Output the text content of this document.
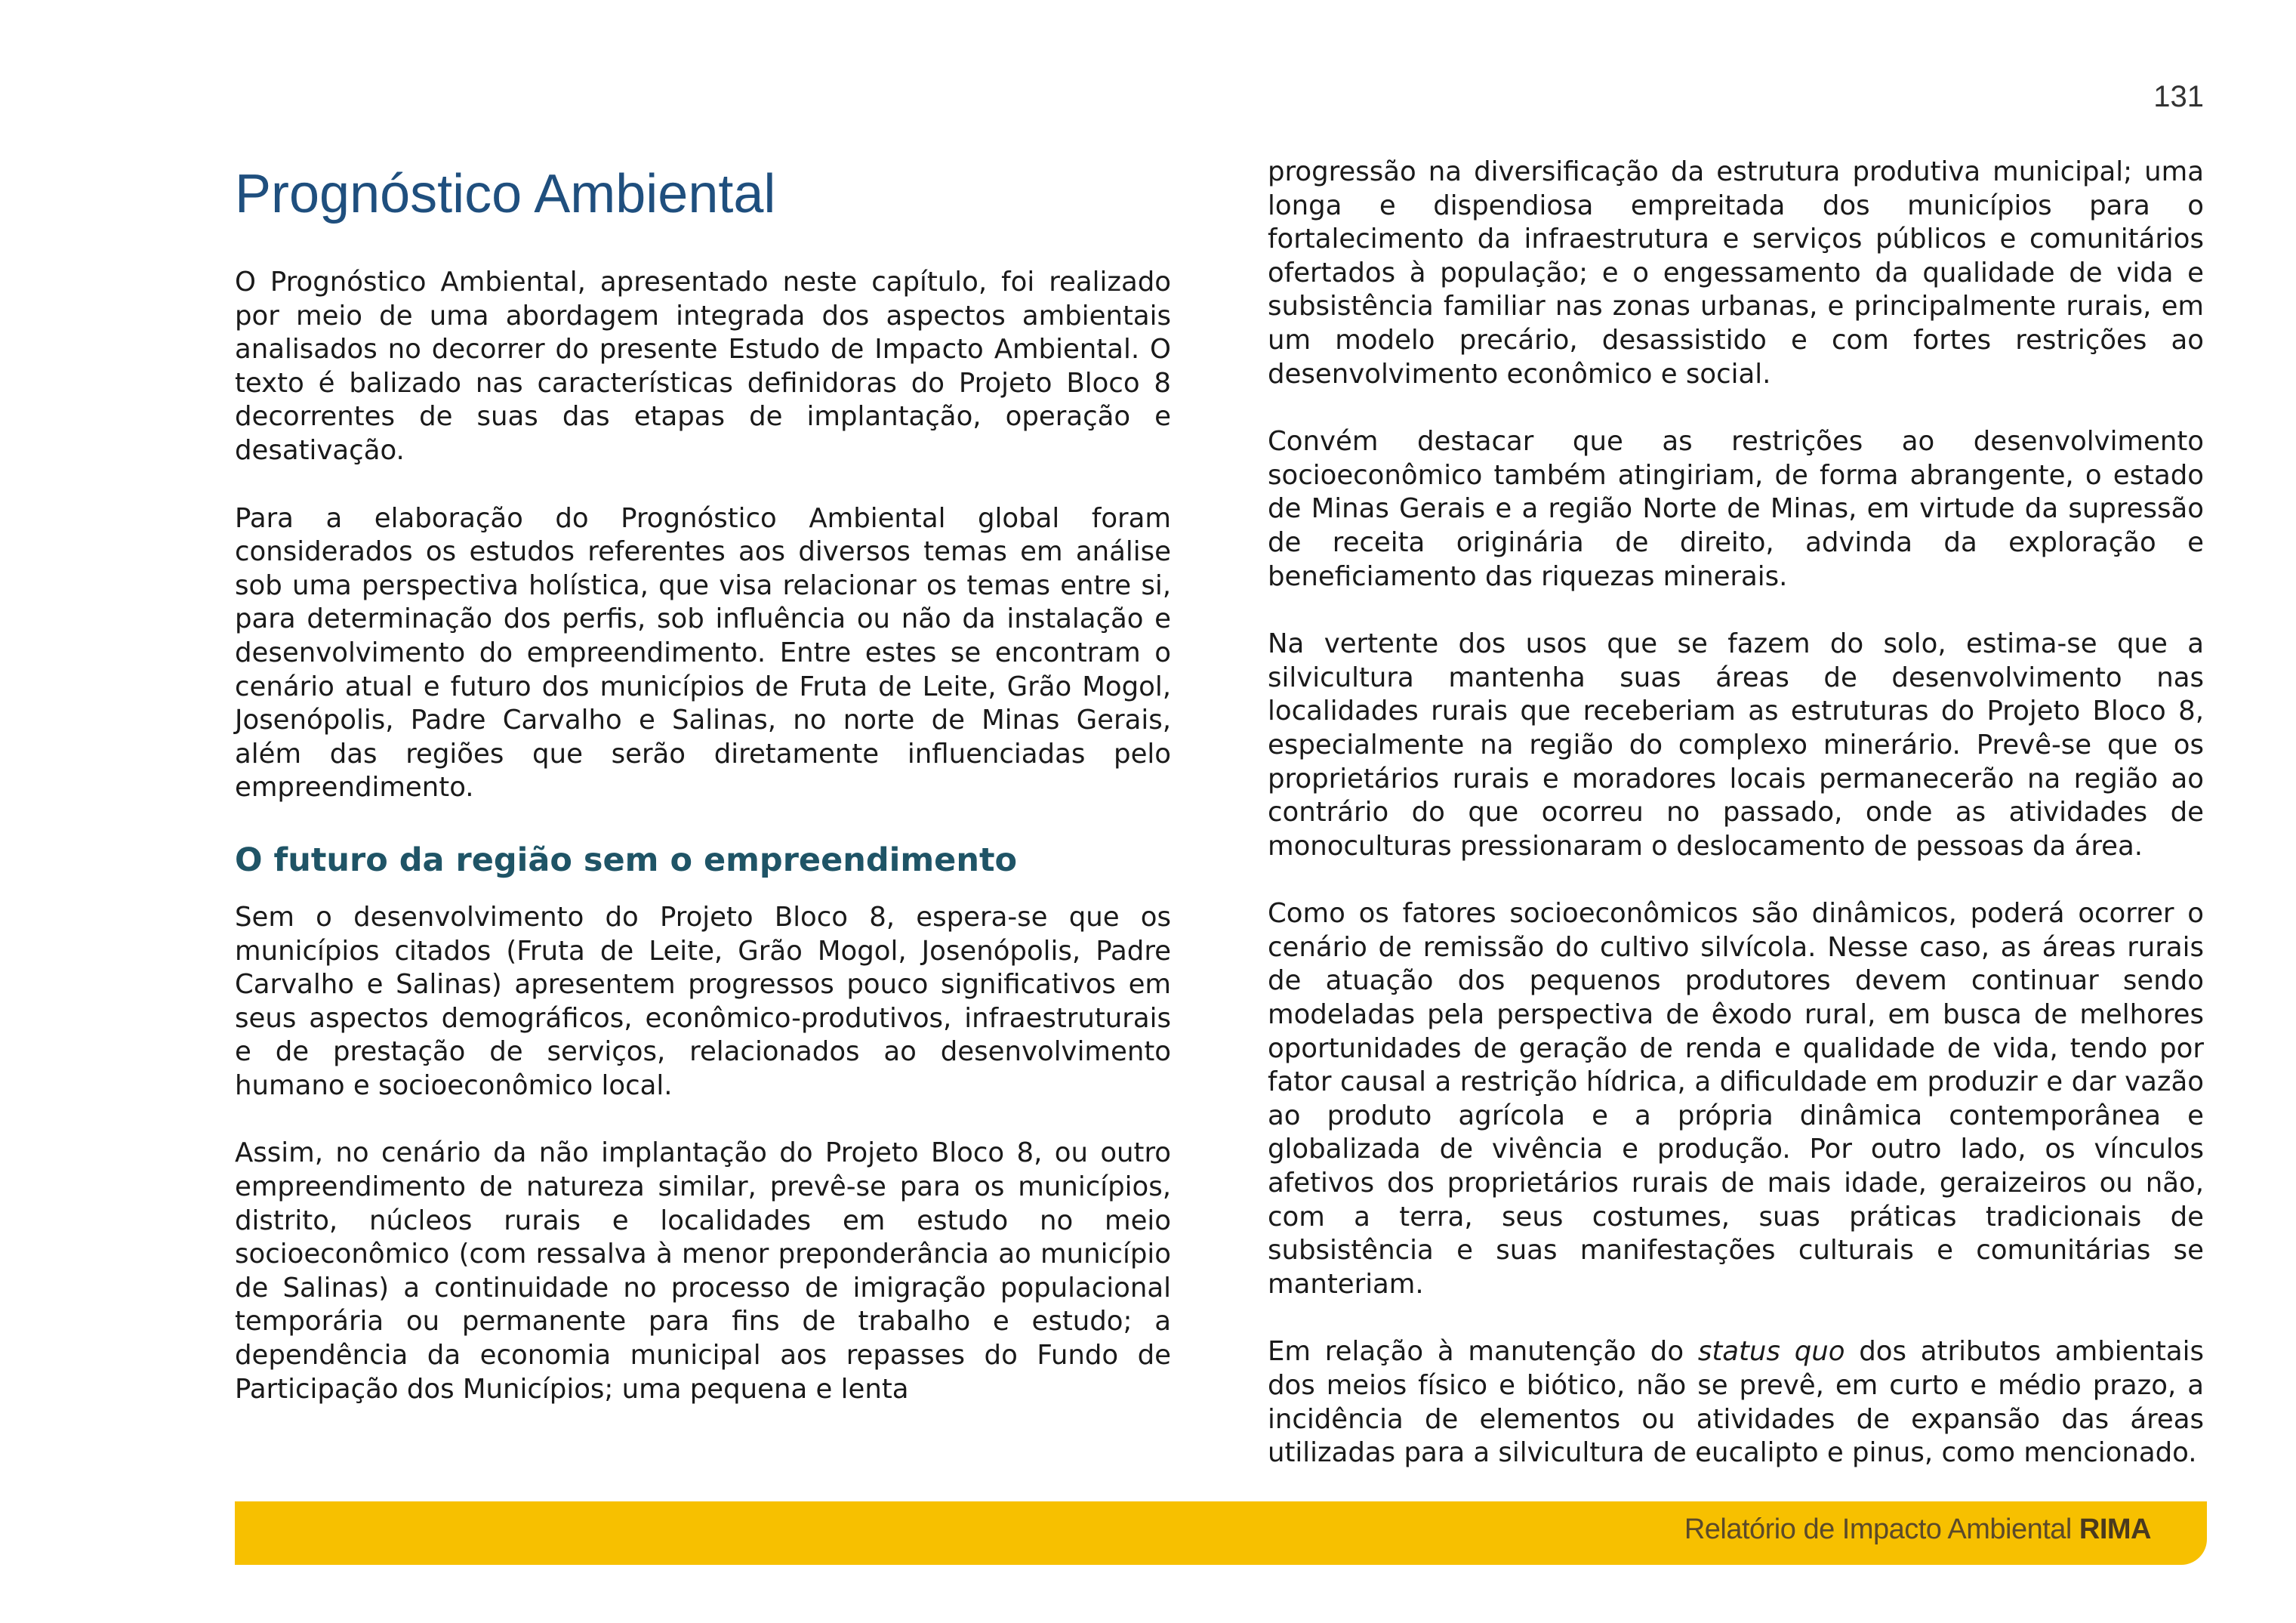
131
Prognóstico Ambiental

O Prognóstico Ambiental, apresentado neste capítulo, foi realizado por meio de uma abordagem integrada dos aspectos ambientais analisados no decorrer do presente Estudo de Impacto Ambiental. O texto é balizado nas características definidoras do Projeto Bloco 8 decorrentes de suas das etapas de implantação, operação e desativação.

Para a elaboração do Prognóstico Ambiental global foram considerados os estudos referentes aos diversos temas em análise sob uma perspectiva holística, que visa relacionar os temas entre si, para determinação dos perfis, sob influência ou não da instalação e desenvolvimento do empreendimento. Entre estes se encontram o cenário atual e futuro dos municípios de Fruta de Leite, Grão Mogol, Josenópolis, Padre Carvalho e Salinas, no norte de Minas Gerais, além das regiões que serão diretamente influenciadas pelo empreendimento.

O futuro da região sem o empreendimento

Sem o desenvolvimento do Projeto Bloco 8, espera-se que os municípios citados (Fruta de Leite, Grão Mogol, Josenópolis, Padre Carvalho e Salinas) apresentem progressos pouco significativos em seus aspectos demográficos, econômico-produtivos, infraestruturais e de prestação de serviços, relacionados ao desenvolvimento humano e socioeconômico local.

Assim, no cenário da não implantação do Projeto Bloco 8, ou outro empreendimento de natureza similar, prevê-se para os municípios, distrito, núcleos rurais e localidades em estudo no meio socioeconômico (com ressalva à menor preponderância ao município de Salinas) a continuidade no processo de imigração populacional temporária ou permanente para fins de trabalho e estudo; a dependência da economia municipal aos repasses do Fundo de Participação dos Municípios; uma pequena e lenta

progressão na diversificação da estrutura produtiva municipal; uma longa e dispendiosa empreitada dos municípios para o fortalecimento da infraestrutura e serviços públicos e comunitários ofertados à população; e o engessamento da qualidade de vida e subsistência familiar nas zonas urbanas, e principalmente rurais, em um modelo precário, desassistido e com fortes restrições ao desenvolvimento econômico e social.

Convém destacar que as restrições ao desenvolvimento socioeconômico também atingiriam, de forma abrangente, o estado de Minas Gerais e a região Norte de Minas, em virtude da supressão de receita originária de direito, advinda da exploração e beneficiamento das riquezas minerais.

Na vertente dos usos que se fazem do solo, estima-se que a silvicultura mantenha suas áreas de desenvolvimento nas localidades rurais que receberiam as estruturas do Projeto Bloco 8, especialmente na região do complexo minerário. Prevê-se que os proprietários rurais e moradores locais permanecerão na região ao contrário do que ocorreu no passado, onde as atividades de monoculturas pressionaram o deslocamento de pessoas da área.

Como os fatores socioeconômicos são dinâmicos, poderá ocorrer o cenário de remissão do cultivo silvícola. Nesse caso, as áreas rurais de atuação dos pequenos produtores devem continuar sendo modeladas pela perspectiva de êxodo rural, em busca de melhores oportunidades de geração de renda e qualidade de vida, tendo por fator causal a restrição hídrica, a dificuldade em produzir e dar vazão ao produto agrícola e a própria dinâmica contemporânea e globalizada de vivência e produção. Por outro lado, os vínculos afetivos dos proprietários rurais de mais idade, geraizeiros ou não, com a terra, seus costumes, suas práticas tradicionais de subsistência e suas manifestações culturais e comunitárias se manteriam.

Em relação à manutenção do status quo dos atributos ambientais dos meios físico e biótico, não se prevê, em curto e médio prazo, a incidência de elementos ou atividades de expansão das áreas utilizadas para a silvicultura de eucalipto e pinus, como mencionado.

Relatório de Impacto Ambiental RIMA
